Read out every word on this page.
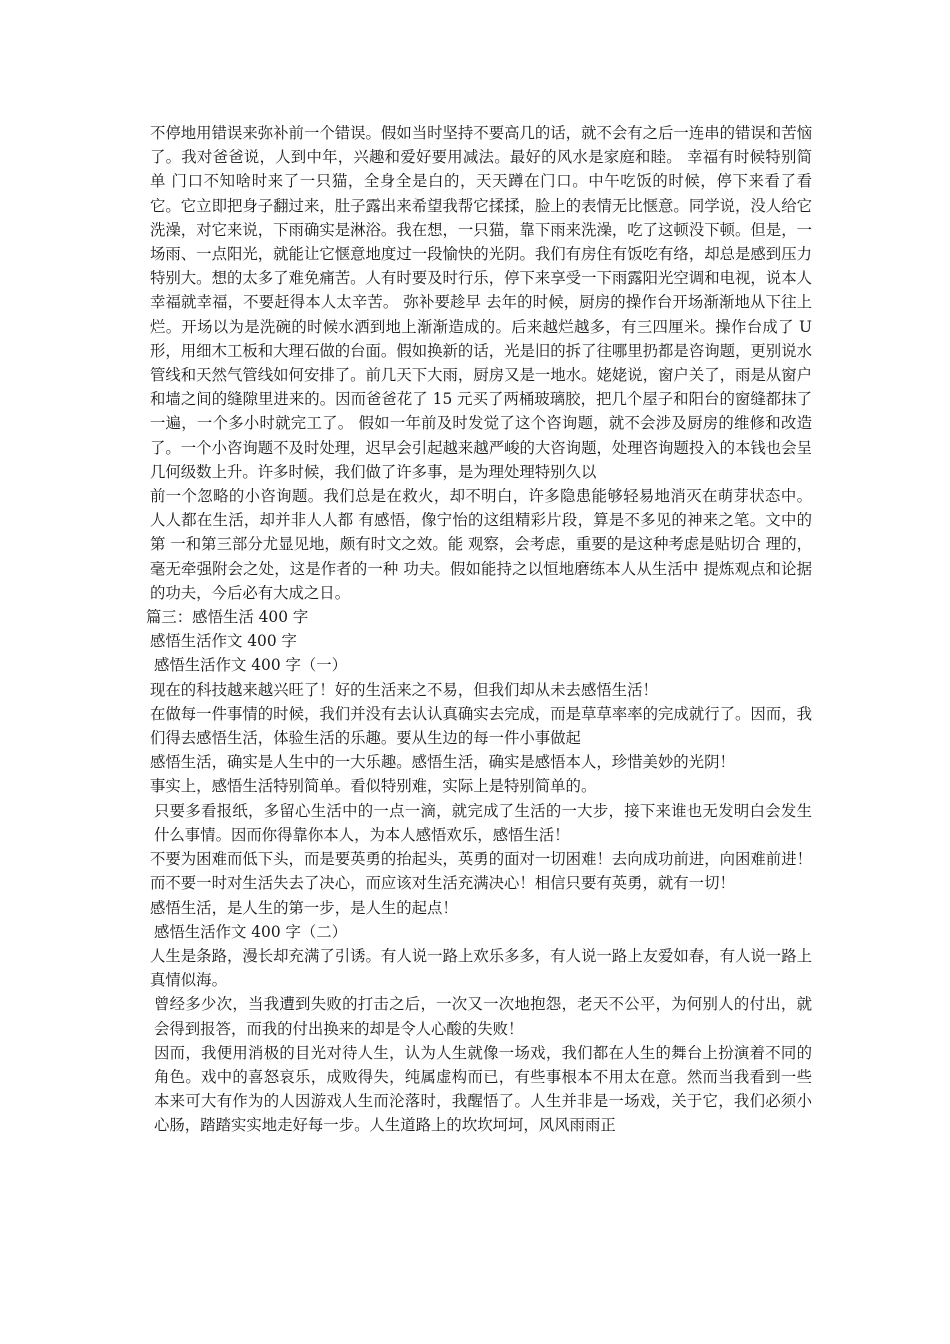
不停地用错误来弥补前一个错误。假如当时坚持不要高几的话，就不会有之后一连串的错误和苦恼了。我对爸爸说，人到中年，兴趣和爱好要用减法。最好的风水是家庭和睦。 幸福有时候特别简单 门口不知啥时来了一只猫，全身全是白的，天天蹲在门口。中午吃饭的时候，停下来看了看它。它立即把身子翻过来，肚子露出来希望我帮它揉揉，脸上的表情无比惬意。同学说，没人给它洗澡，对它来说，下雨确实是淋浴。我在想，一只猫，靠下雨来洗澡，吃了这顿没下顿。但是，一场雨、一点阳光，就能让它惬意地度过一段愉快的光阴。我们有房住有饭吃有络，却总是感到压力特别大。想的太多了难免痛苦。人有时要及时行乐，停下来享受一下雨露阳光空调和电视，说本人幸福就幸福，不要赶得本人太辛苦。 弥补要趁早 去年的时候，厨房的操作台开场渐渐地从下往上烂。开场以为是洗碗的时候水洒到地上渐渐造成的。后来越烂越多，有三四厘米。操作台成了 U 形，用细木工板和大理石做的台面。假如换新的话，光是旧的拆了往哪里扔都是咨询题，更别说水管线和天然气管线如何安排了。前几天下大雨，厨房又是一地水。姥姥说，窗户关了，雨是从窗户和墙之间的缝隙里进来的。因而爸爸花了 15 元买了两桶玻璃胶，把几个屋子和阳台的窗缝都抹了一遍，一个多小时就完工了。 假如一年前及时发觉了这个咨询题，就不会涉及厨房的维修和改造了。一个小咨询题不及时处理，迟早会引起越来越严峻的大咨询题，处理咨询题投入的本钱也会呈几何级数上升。许多时候，我们做了许多事，是为理处理特别久以

前一个忽略的小咨询题。我们总是在救火，却不明白，许多隐患能够轻易地消灭在萌芽状态中。 人人都在生活，却并非人人都 有感悟，像宁怡的这组精彩片段，算是不多见的神来之笔。文中的第 一和第三部分尤显见地，颇有时文之效。能 观察，会考虑，重要的是这种考虑是贴切合 理的，毫无牵强附会之处，这是作者的一种 功夫。假如能持之以恒地磨练本人从生活中 提炼观点和论据的功夫，今后必有大成之日。

篇三：感悟生活 400 字

感悟生活作文 400 字

感悟生活作文 400 字（一）

现在的科技越来越兴旺了！好的生活来之不易，但我们却从未去感悟生活！

在做每一件事情的时候，我们并没有去认认真确实去完成，而是草草率率的完成就行了。因而，我们得去感悟生活，体验生活的乐趣。要从生边的每一件小事做起

感悟生活，确实是人生中的一大乐趣。感悟生活，确实是感悟本人，珍惜美妙的光阴！

事实上，感悟生活特别简单。看似特别难，实际上是特别简单的。

只要多看报纸，多留心生活中的一点一滴，就完成了生活的一大步，接下来谁也无发明白会发生什么事情。因而你得靠你本人，为本人感悟欢乐，感悟生活！

不要为困难而低下头，而是要英勇的抬起头，英勇的面对一切困难！去向成功前进，向困难前进！而不要一时对生活失去了决心，而应该对生活充满决心！相信只要有英勇，就有一切！

感悟生活，是人生的第一步，是人生的起点！

感悟生活作文 400 字（二）

人生是条路，漫长却充满了引诱。有人说一路上欢乐多多，有人说一路上友爱如春，有人说一路上真情似海。

曾经多少次，当我遭到失败的打击之后，一次又一次地抱怨，老天不公平，为何别人的付出，就会得到报答，而我的付出换来的却是令人心酸的失败！

因而，我便用消极的目光对待人生，认为人生就像一场戏，我们都在人生的舞台上扮演着不同的角色。戏中的喜怒哀乐，成败得失，纯属虚构而已，有些事根本不用太在意。然而当我看到一些本来可大有作为的人因游戏人生而沦落时，我醒悟了。人生并非是一场戏，关于它，我们必须小心肠，踏踏实实地走好每一步。人生道路上的坎坎坷坷，风风雨雨正
